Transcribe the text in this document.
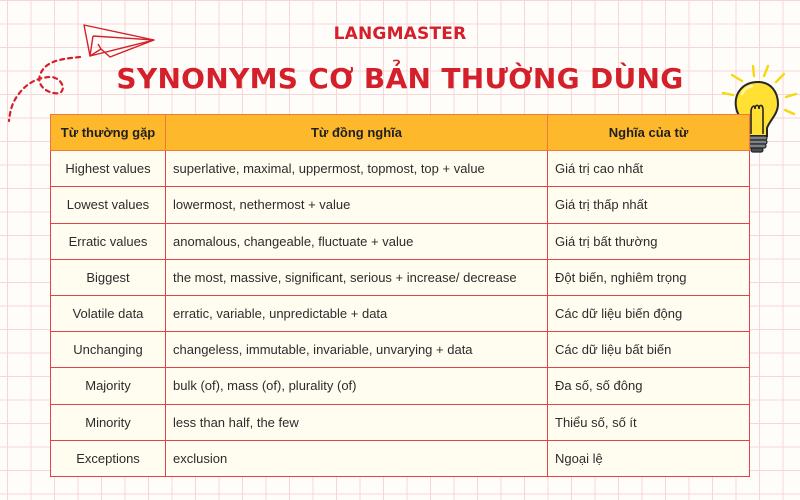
LANGMASTER
SYNONYMS CƠ BẢN THƯỜNG DÙNG
Từ thường gặp	Từ đồng nghĩa	Nghĩa của từ
Highest values	superlative, maximal, uppermost, topmost, top + value	Giá trị cao nhất
Lowest values	lowermost, nethermost + value	Giá trị thấp nhất
Erratic values	anomalous, changeable, fluctuate + value	Giá trị bất thường
Biggest	the most, massive, significant, serious + increase/ decrease	Đột biến, nghiêm trọng
Volatile data	erratic, variable, unpredictable + data	Các dữ liệu biến động
Unchanging	changeless, immutable, invariable, unvarying + data	Các dữ liệu bất biến
Majority	bulk (of), mass (of), plurality (of)	Đa số, số đông
Minority	less than half, the few	Thiểu số, số ít
Exceptions	exclusion	Ngoại lệ
